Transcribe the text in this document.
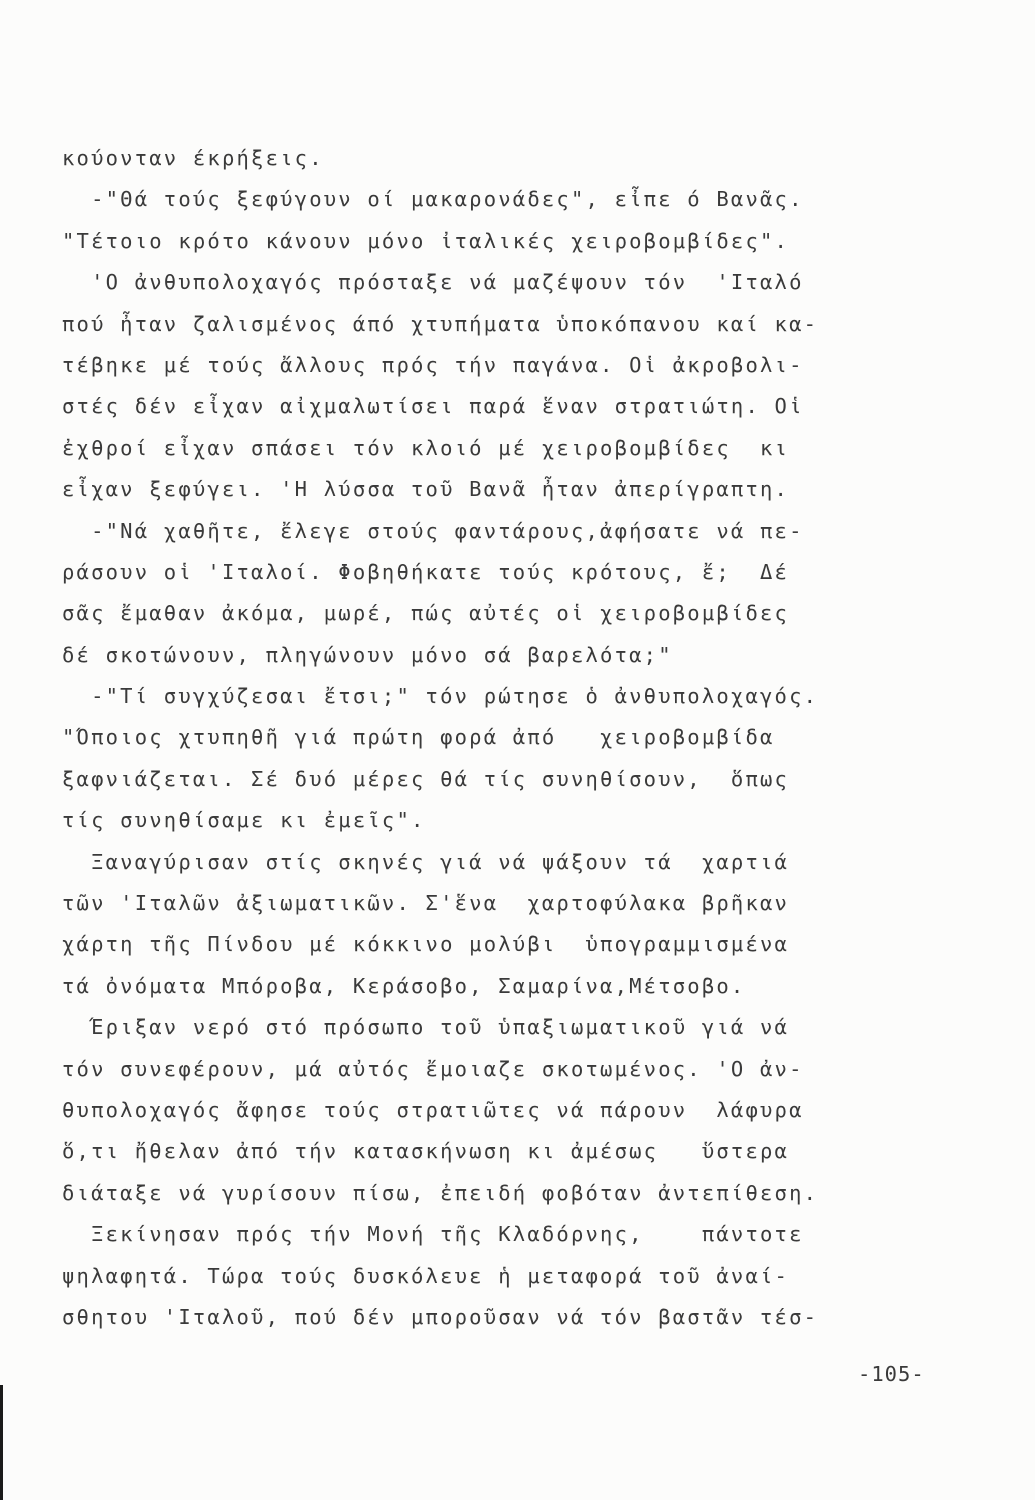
κούονταν έκρήξεις.
-"Θά τούς ξεφύγουν οί μακαρονάδες", εἶπε ό Βανᾶς.
"Τέτοιο κρότο κάνουν μόνο ἰταλικές χειροβομβίδες".
'Ο ἀνθυπολοχαγός πρόσταξε νά μαζέψουν τόν  'Ιταλό
πού ἦταν ζαλισμένος άπό χτυπήματα ὑποκόπανου καί κα-
τέβηκε μέ τούς ἄλλους πρός τήν παγάνα. Οἱ ἀκροβολι-
στές δέν εἶχαν αἰχμαλωτίσει παρά ἕναν στρατιώτη. Οἱ
ἐχθροί εἶχαν σπάσει τόν κλοιό μέ χειροβομβίδες  κι
εἶχαν ξεφύγει. 'Η λύσσα τοῦ Βανᾶ ἦταν ἀπερίγραπτη.
-"Νά χαθῆτε, ἔλεγε στούς φαντάρους,ἀφήσατε νά πε-
ράσουν οἱ 'Ιταλοί. Φοβηθήκατε τούς κρότους, ἔ;  Δέ
σᾶς ἔμαθαν ἀκόμα, μωρέ, πώς αὐτές οἱ χειροβομβίδες
δέ σκοτώνουν, πληγώνουν μόνο σά βαρελότα;"
-"Τί συγχύζεσαι ἔτσι;" τόν ρώτησε ὁ ἀνθυπολοχαγός.
"Όποιος χτυπηθῆ γιά πρώτη φορά ἀπό   χειροβομβίδα
ξαφνιάζεται. Σέ δυό μέρες θά τίς συνηθίσουν,  ὅπως
τίς συνηθίσαμε κι ἐμεῖς".
Ξαναγύρισαν στίς σκηνές γιά νά ψάξουν τά  χαρτιά
τῶν 'Ιταλῶν ἀξιωματικῶν. Σ'ἕνα  χαρτοφύλακα βρῆκαν
χάρτη τῆς Πίνδου μέ κόκκινο μολύβι  ὑπογραμμισμένα
τά ὀνόματα Μπόροβα, Κεράσοβο, Σαμαρίνα,Μέτσοβο.
Έριξαν νερό στό πρόσωπο τοῦ ὑπαξιωματικοῦ γιά νά
τόν συνεφέρουν, μά αὐτός ἔμοιαζε σκοτωμένος. 'Ο ἀν-
θυπολοχαγός ἄφησε τούς στρατιῶτες νά πάρουν  λάφυρα
ὅ,τι ἤθελαν ἀπό τήν κατασκήνωση κι ἀμέσως   ὕστερα
διάταξε νά γυρίσουν πίσω, ἐπειδή φοβόταν ἀντεπίθεση.
Ξεκίνησαν πρός τήν Μονή τῆς Κλαδόρνης,    πάντοτε
ψηλαφητά. Τώρα τούς δυσκόλευε ἡ μεταφορά τοῦ ἀναί-
σθητου 'Ιταλοῦ, πού δέν μποροῦσαν νά τόν βαστᾶν τέσ-
-105-
